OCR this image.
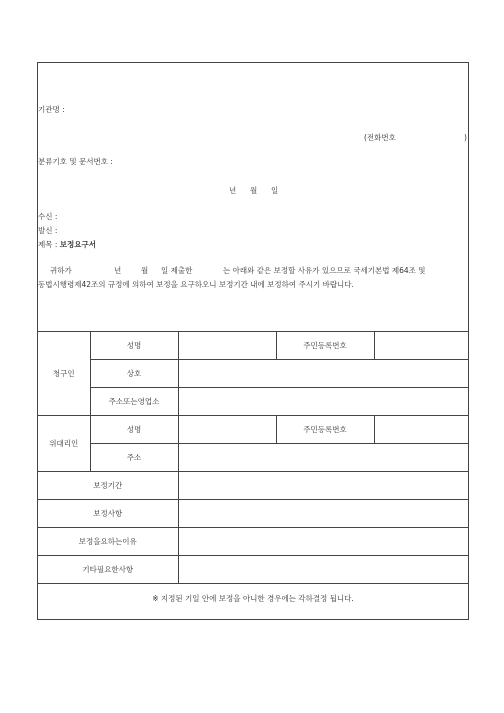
기관명 :
(전화번호	)
분류기호 및 문서번호 :
년 월 일
수신 :
발신 :
제목 : 보정요구서
귀하가	년	월 일 제출한	는 아래와 같은 보정할 사유가 있으므로 국세기본법 제64조 및
동법시행령제42조의 규정에 의하여 보정을 요구하오니 보정기간 내에 보정하여 주시기 바랍니다.
청구인	성명		주민등록번호	
	상호			
	주소또는영업소			
위대리인	성명		주민등록번호	
	주소			
보정기간				
보정사항				
보정을요하는이유				
기타필요한사항				
※ 지정된 기일 안에 보정을 아니한 경우에는 각하결정 됩니다.				
